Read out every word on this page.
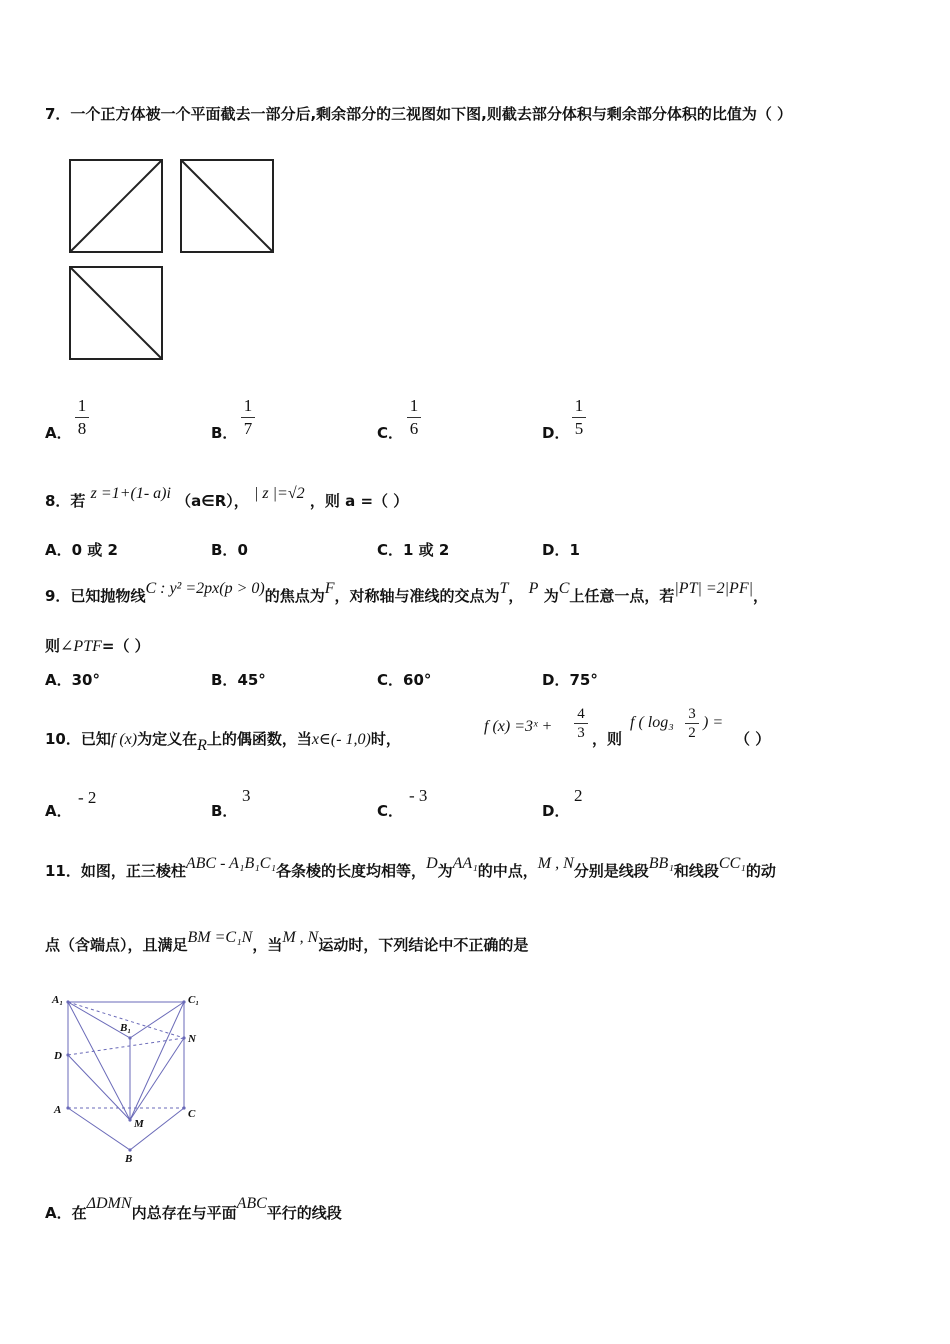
7．一个正方体被一个平面截去一部分后,剩余部分的三视图如下图,则截去部分体积与剩余部分体积的比值为（ ）
A．
1
8	B．
1
7	C．
1
6	D．
1
5
8．若 z =1+(1- a)i （a∈R）， | z |=√2 ，则 a =（ ）
A．0 或 2	B．0	C．1 或 2	D．1
9．已知抛物线C : y² =2px(p > 0)的焦点为F，对称轴与准线的交点为T， P 为C上任意一点，若|PT| =2|PF|，
则∠PTF=（ ）
A．30°	B．45°	C．60°	D．75°
10．已知f (x)为定义在R上的偶函数，当x∈(- 1,0)时，
f (x) =3ˣ +
4
3 ，则
f ( log₃ 3
2
) =
（ ）
A．
- 2
B．
3
C．
- 3
D．
2
11．如图，正三棱柱ABC - A₁B₁C₁各条棱的长度均相等，D为AA₁的中点，M , N分别是线段BB₁和线段CC₁的动
点（含端点），且满足BM =C₁N，当M , N运动时，下列结论中不正确的是
A₁	C₁
B₁
N
D
A	C
M
B
A．在ΔDMN内总存在与平面ABC平行的线段
